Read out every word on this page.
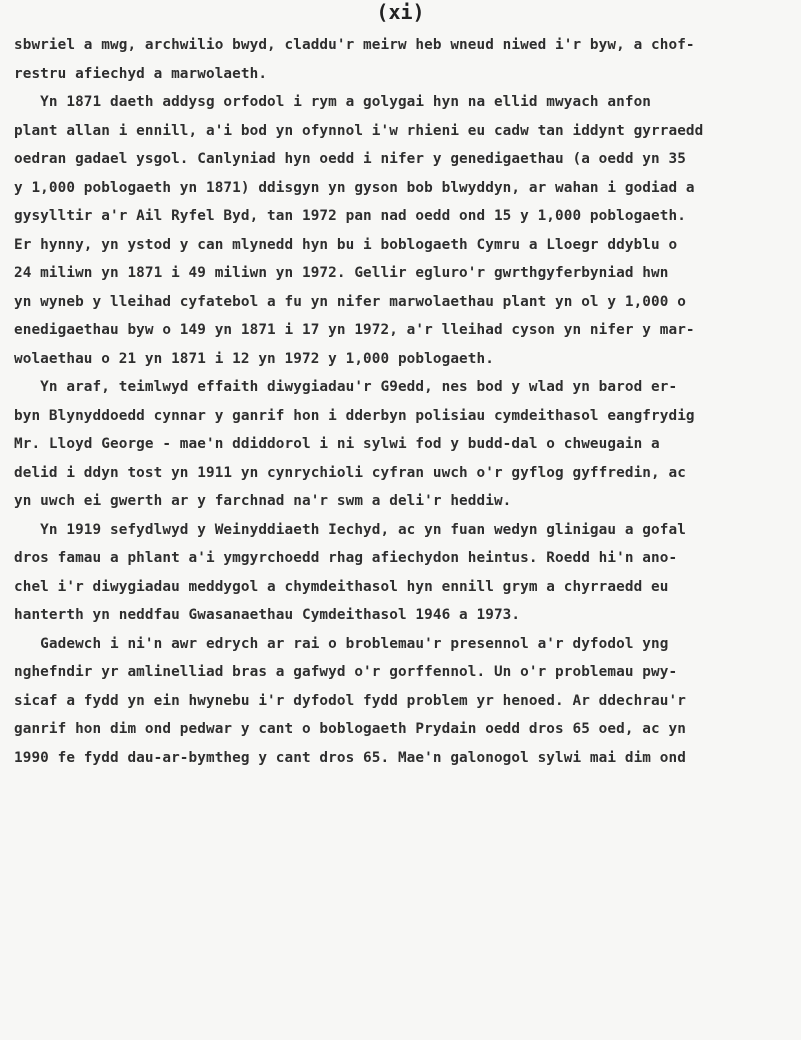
(xi)
sbwriel a mwg, archwilio bwyd, claddu'r meirw heb wneud niwed i'r byw, a chof-
restru afiechyd a marwolaeth.
Yn 1871 daeth addysg orfodol i rym a golygai hyn na ellid mwyach anfon
plant allan i ennill, a'i bod yn ofynnol i'w rhieni eu cadw tan iddynt gyrraedd
oedran gadael ysgol. Canlyniad hyn oedd i nifer y genedigaethau (a oedd yn 35
y 1,000 poblogaeth yn 1871) ddisgyn yn gyson bob blwyddyn, ar wahan i godiad a
gysylltir a'r Ail Ryfel Byd, tan 1972 pan nad oedd ond 15 y 1,000 poblogaeth.
Er hynny, yn ystod y can mlynedd hyn bu i boblogaeth Cymru a Lloegr ddyblu o
24 miliwn yn 1871 i 49 miliwn yn 1972. Gellir egluro'r gwrthgyferbyniad hwn
yn wyneb y lleihad cyfatebol a fu yn nifer marwolaethau plant yn ol y 1,000 o
enedigaethau byw o 149 yn 1871 i 17 yn 1972, a'r lleihad cyson yn nifer y mar-
wolaethau o 21 yn 1871 i 12 yn 1972 y 1,000 poblogaeth.
Yn araf, teimlwyd effaith diwygiadau'r G9edd, nes bod y wlad yn barod er-
byn Blynyddoedd cynnar y ganrif hon i dderbyn polisiau cymdeithasol eangfrydig
Mr. Lloyd George - mae'n ddiddorol i ni sylwi fod y budd-dal o chweugain a
delid i ddyn tost yn 1911 yn cynrychioli cyfran uwch o'r gyflog gyffredin, ac
yn uwch ei gwerth ar y farchnad na'r swm a deli'r heddiw.
Yn 1919 sefydlwyd y Weinyddiaeth Iechyd, ac yn fuan wedyn glinigau a gofal
dros famau a phlant a'i ymgyrchoedd rhag afiechydon heintus. Roedd hi'n ano-
chel i'r diwygiadau meddygol a chymdeithasol hyn ennill grym a chyrraedd eu
hanterth yn neddfau Gwasanaethau Cymdeithasol 1946 a 1973.
Gadewch i ni'n awr edrych ar rai o broblemau'r presennol a'r dyfodol yng
nghefndir yr amlinelliad bras a gafwyd o'r gorffennol. Un o'r problemau pwy-
sicaf a fydd yn ein hwynebu i'r dyfodol fydd problem yr henoed. Ar ddechrau'r
ganrif hon dim ond pedwar y cant o boblogaeth Prydain oedd dros 65 oed, ac yn
1990 fe fydd dau-ar-bymtheg y cant dros 65. Mae'n galonogol sylwi mai dim ond
